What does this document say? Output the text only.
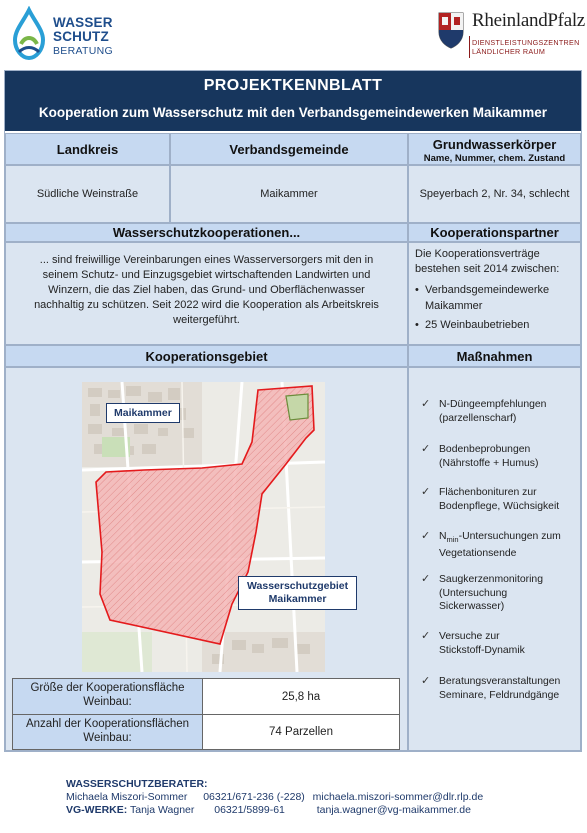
WASSER
SCHUTZ
BERATUNG
RheinlandPfalz
DIENSTLEISTUNGSZENTREN
LÄNDLICHER RAUM
PROJEKTKENNBLATT
Kooperation zum Wasserschutz mit den Verbandsgemeindewerken Maikammer
Landkreis	Verbandsgemeinde	Grundwasserkörper
Name, Nummer, chem. Zustand
Südliche Weinstraße	Maikammer	Speyerbach 2, Nr. 34, schlecht
Wasserschutzkooperationen...	Kooperationspartner
... sind freiwillige Vereinbarungen eines Wasserversorgers mit den in
seinem Schutz- und Einzugsgebiet wirtschaftenden Landwirten und
Winzern, die das Ziel haben, das Grund- und Oberflächenwasser
nachhaltig zu schützen. Seit 2022 wird die Kooperation als Arbeitskreis
weitergeführt.
Die Kooperationsverträge
bestehen seit 2014 zwischen:
• Verbandsgemeindewerke
Maikammer
• 25 Weinbaubetrieben
Kooperationsgebiet	Maßnahmen
Maikammer
Wasserschutzgebiet
Maikammer
Größe der Kooperationsfläche
Weinbau:	25,8 ha
Anzahl der Kooperationsflächen
Weinbau:	74 Parzellen
✓ N-Düngeempfehlungen
(parzellenscharf)
✓ Bodenbeprobungen
(Nährstoffe + Humus)
✓ Flächenbonituren zur
Bodenpflege, Wüchsigkeit
✓ $N_{min}$-Untersuchungen zum
Vegetationsende
✓ Saugkerzenmonitoring
(Untersuchung
Sickerwasser)
✓ Versuche zur
Stickstoff-Dynamik
✓ Beratungsveranstaltungen
Seminare, Feldrundgänge
WASSERSCHUTZBERATER:
Michaela Miszori-Sommer 06321/671-236 (-228) michaela.miszori-sommer@dlr.rlp.de
VG-WERKE: Tanja Wagner 06321/5899-61	tanja.wagner@vg-maikammer.de
